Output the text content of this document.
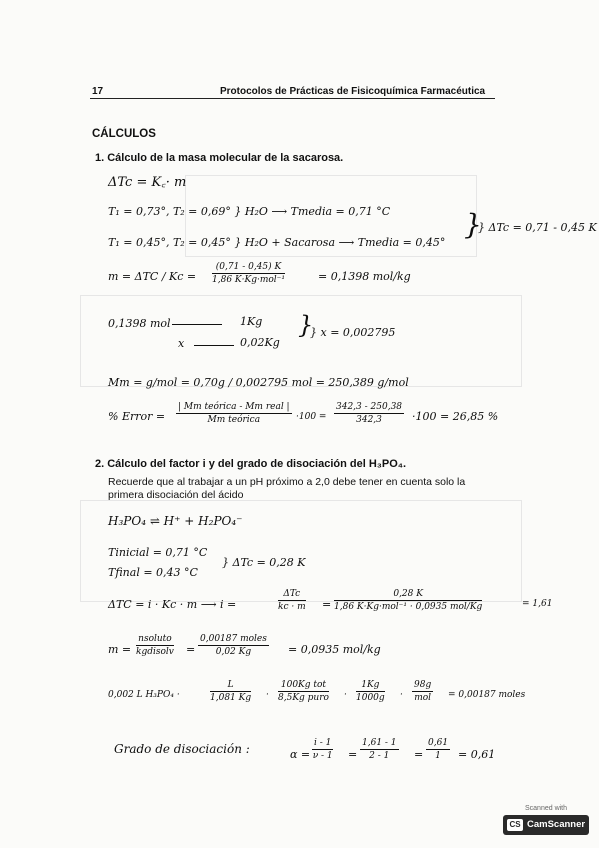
17	Protocolos de Prácticas de Fisicoquímica Farmacéutica
CÁLCULOS
1. Cálculo de la masa molecular de la sacarosa.
ΔTc = K꜀· m
T₁ = 0,73°, T₂ = 0,69° } H₂O ⟶ Tmedia = 0,71 °C
T₁ = 0,45°, T₂ = 0,45° } H₂O + Sacarosa ⟶ Tmedia = 0,45°
}
} ΔTc = 0,71 - 0,45 K
m = ΔTC / Kc =
(0,71 - 0,45) K
1,86 K·Kg·mol⁻¹	= 0,1398 mol/kg
0,1398 mol	1Kg
x	0,02Kg
}
} x = 0,002795
Mm = g/mol = 0,70g / 0,002795 mol = 250,389 g/mol
% Error =
| Mm teórica - Mm real |
Mm teórica	$\cdot 100 = \frac{342,3 - 250,38}{342,3} \cdot 100 = 26,85$ %
2. Cálculo del factor i y del grado de disociación del H₃PO₄.
Recuerde que al trabajar a un pH próximo a 2,0 debe tener en cuenta solo la
primera disociación del ácido
H₃PO₄ ⇌ H⁺ + H₂PO₄⁻
Tinicial = 0,71 °C
Tfinal = 0,43 °C
} ΔTc = 0,28 K
ΔTC = i · Kc · m ⟶ i =
ΔTc
kc · m =
0,28 K
1,86 K·Kg·mol⁻¹ · 0,0935 mol/Kg	= 1,61
m =
nsoluto
kgdisolv =
0,00187 moles
0,02 Kg	= 0,0935 mol/kg
0,002 L H₃PO₄ ·	$\frac{L}{1,081 Kg}$ ·
100Kg tot
8,5Kg puro · $\frac{1Kg}{1000g}$ ·
98g
mol = 0,00187 moles
Grado de disociación :	$\alpha = \frac{i - 1}{\nu - 1} = \frac{1,61 - 1}{2 - 1} = \frac{0,61}{1} = 0,61$
Scanned with
CS CamScanner
